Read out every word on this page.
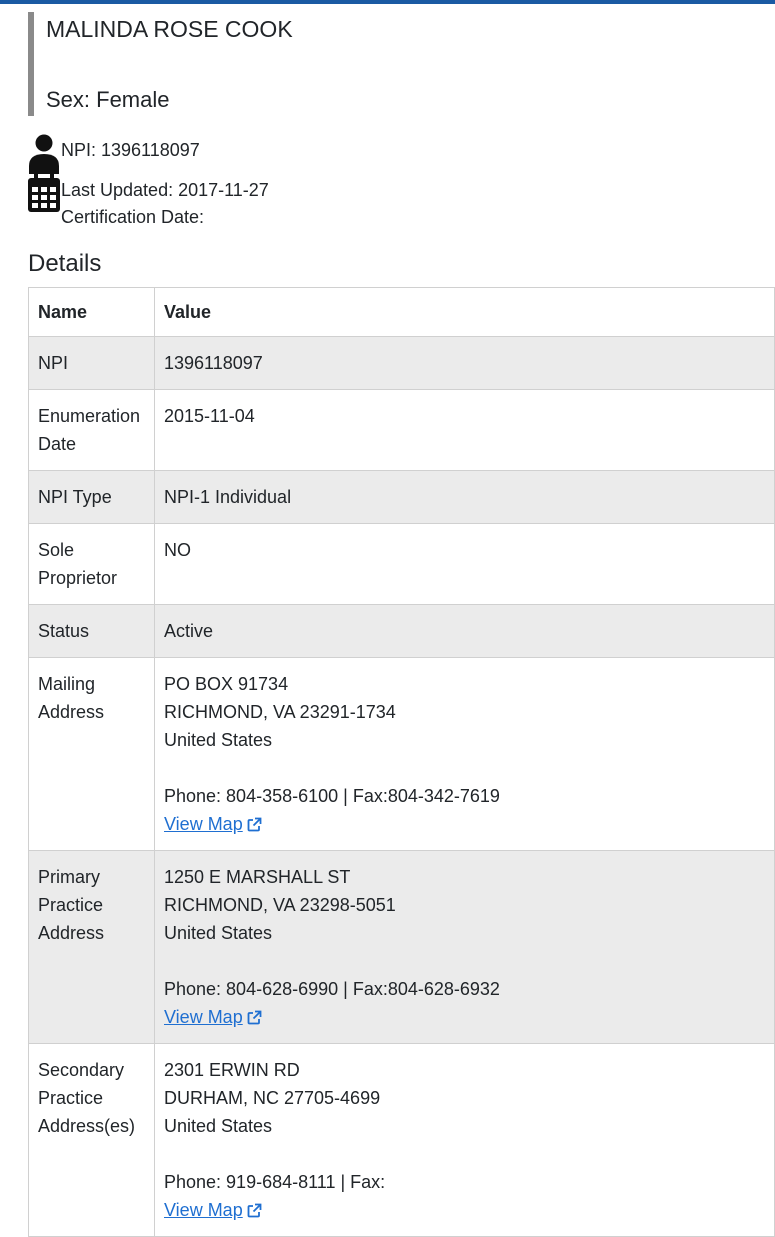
MALINDA ROSE COOK
Sex: Female
NPI: 1396118097
Last Updated: 2017-11-27
Certification Date:
Details
Name	Value
NPI	1396118097
Enumeration Date	2015-11-04
NPI Type	NPI-1 Individual
Sole Proprietor	NO
Status	Active
Mailing Address	PO BOX 91734
RICHMOND, VA 23291-1734
United States
Phone: 804-358-6100 | Fax:804-342-7619
View Map

Primary Practice Address	1250 E MARSHALL ST
RICHMOND, VA 23298-5051
United States
Phone: 804-628-6990 | Fax:804-628-6932
View Map

Secondary Practice Address(es)	2301 ERWIN RD
DURHAM, NC 27705-4699
United States
Phone: 919-684-8111 | Fax:
View Map
